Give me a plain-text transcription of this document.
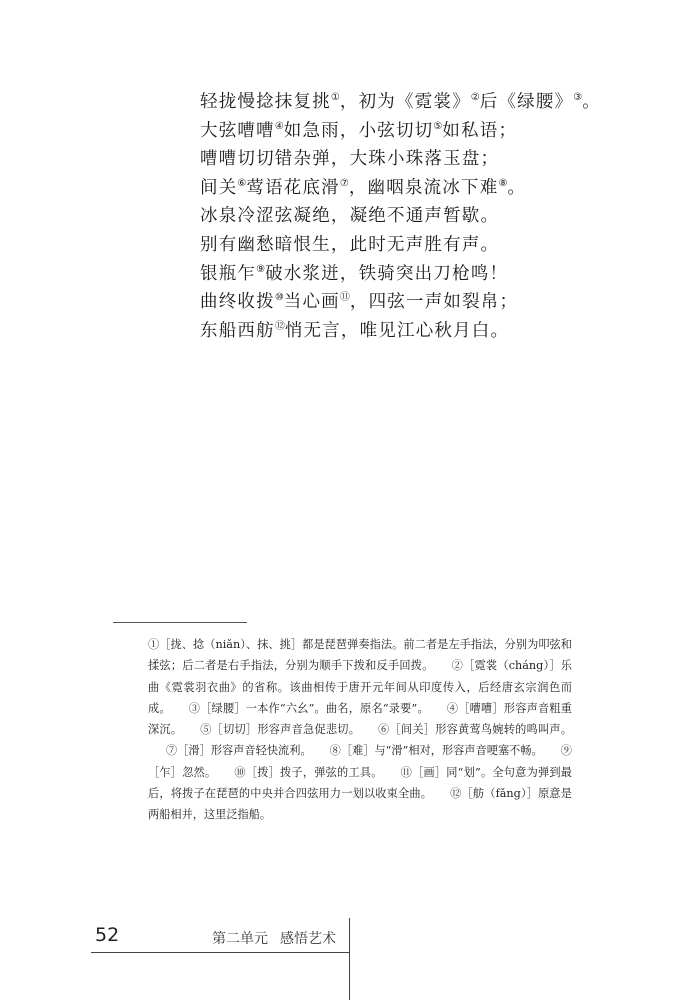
轻拢慢捻抹复挑①，初为《霓裳》②后《绿腰》③。
大弦嘈嘈④如急雨，小弦切切⑤如私语；
嘈嘈切切错杂弹，大珠小珠落玉盘；
间关⑥莺语花底滑⑦，幽咽泉流冰下难⑧。
冰泉冷涩弦凝绝，凝绝不通声暂歇。
别有幽愁暗恨生，此时无声胜有声。
银瓶乍⑨破水浆迸，铁骑突出刀枪鸣！
曲终收拨⑩当心画⑪，四弦一声如裂帛；
东船西舫⑫悄无言，唯见江心秋月白。
①［拢、捻（niǎn）、抹、挑］都是琵琶弹奏指法。前二者是左手指法，分别为叩弦和揉弦；后二者是右手指法，分别为顺手下拨和反手回拨。 ②［霓裳（cháng）］乐曲《霓裳羽衣曲》的省称。该曲相传于唐开元年间从印度传入，后经唐玄宗润色而成。 ③［绿腰］一本作“六幺”。曲名，原名“录要”。 ④［嘈嘈］形容声音粗重深沉。 ⑤［切切］形容声音急促悲切。 ⑥［间关］形容黄莺鸟婉转的鸣叫声。⑦［滑］形容声音轻快流利。 ⑧［难］与“滑”相对，形容声音哽塞不畅。 ⑨［乍］忽然。 ⑩［拨］拨子，弹弦的工具。 ⑪［画］同“划”。全句意为弹到最后，将拨子在琵琶的中央并合四弦用力一划以收束全曲。 ⑫［舫（fǎng）］原意是两船相并，这里泛指船。
52	第二单元 感悟艺术
